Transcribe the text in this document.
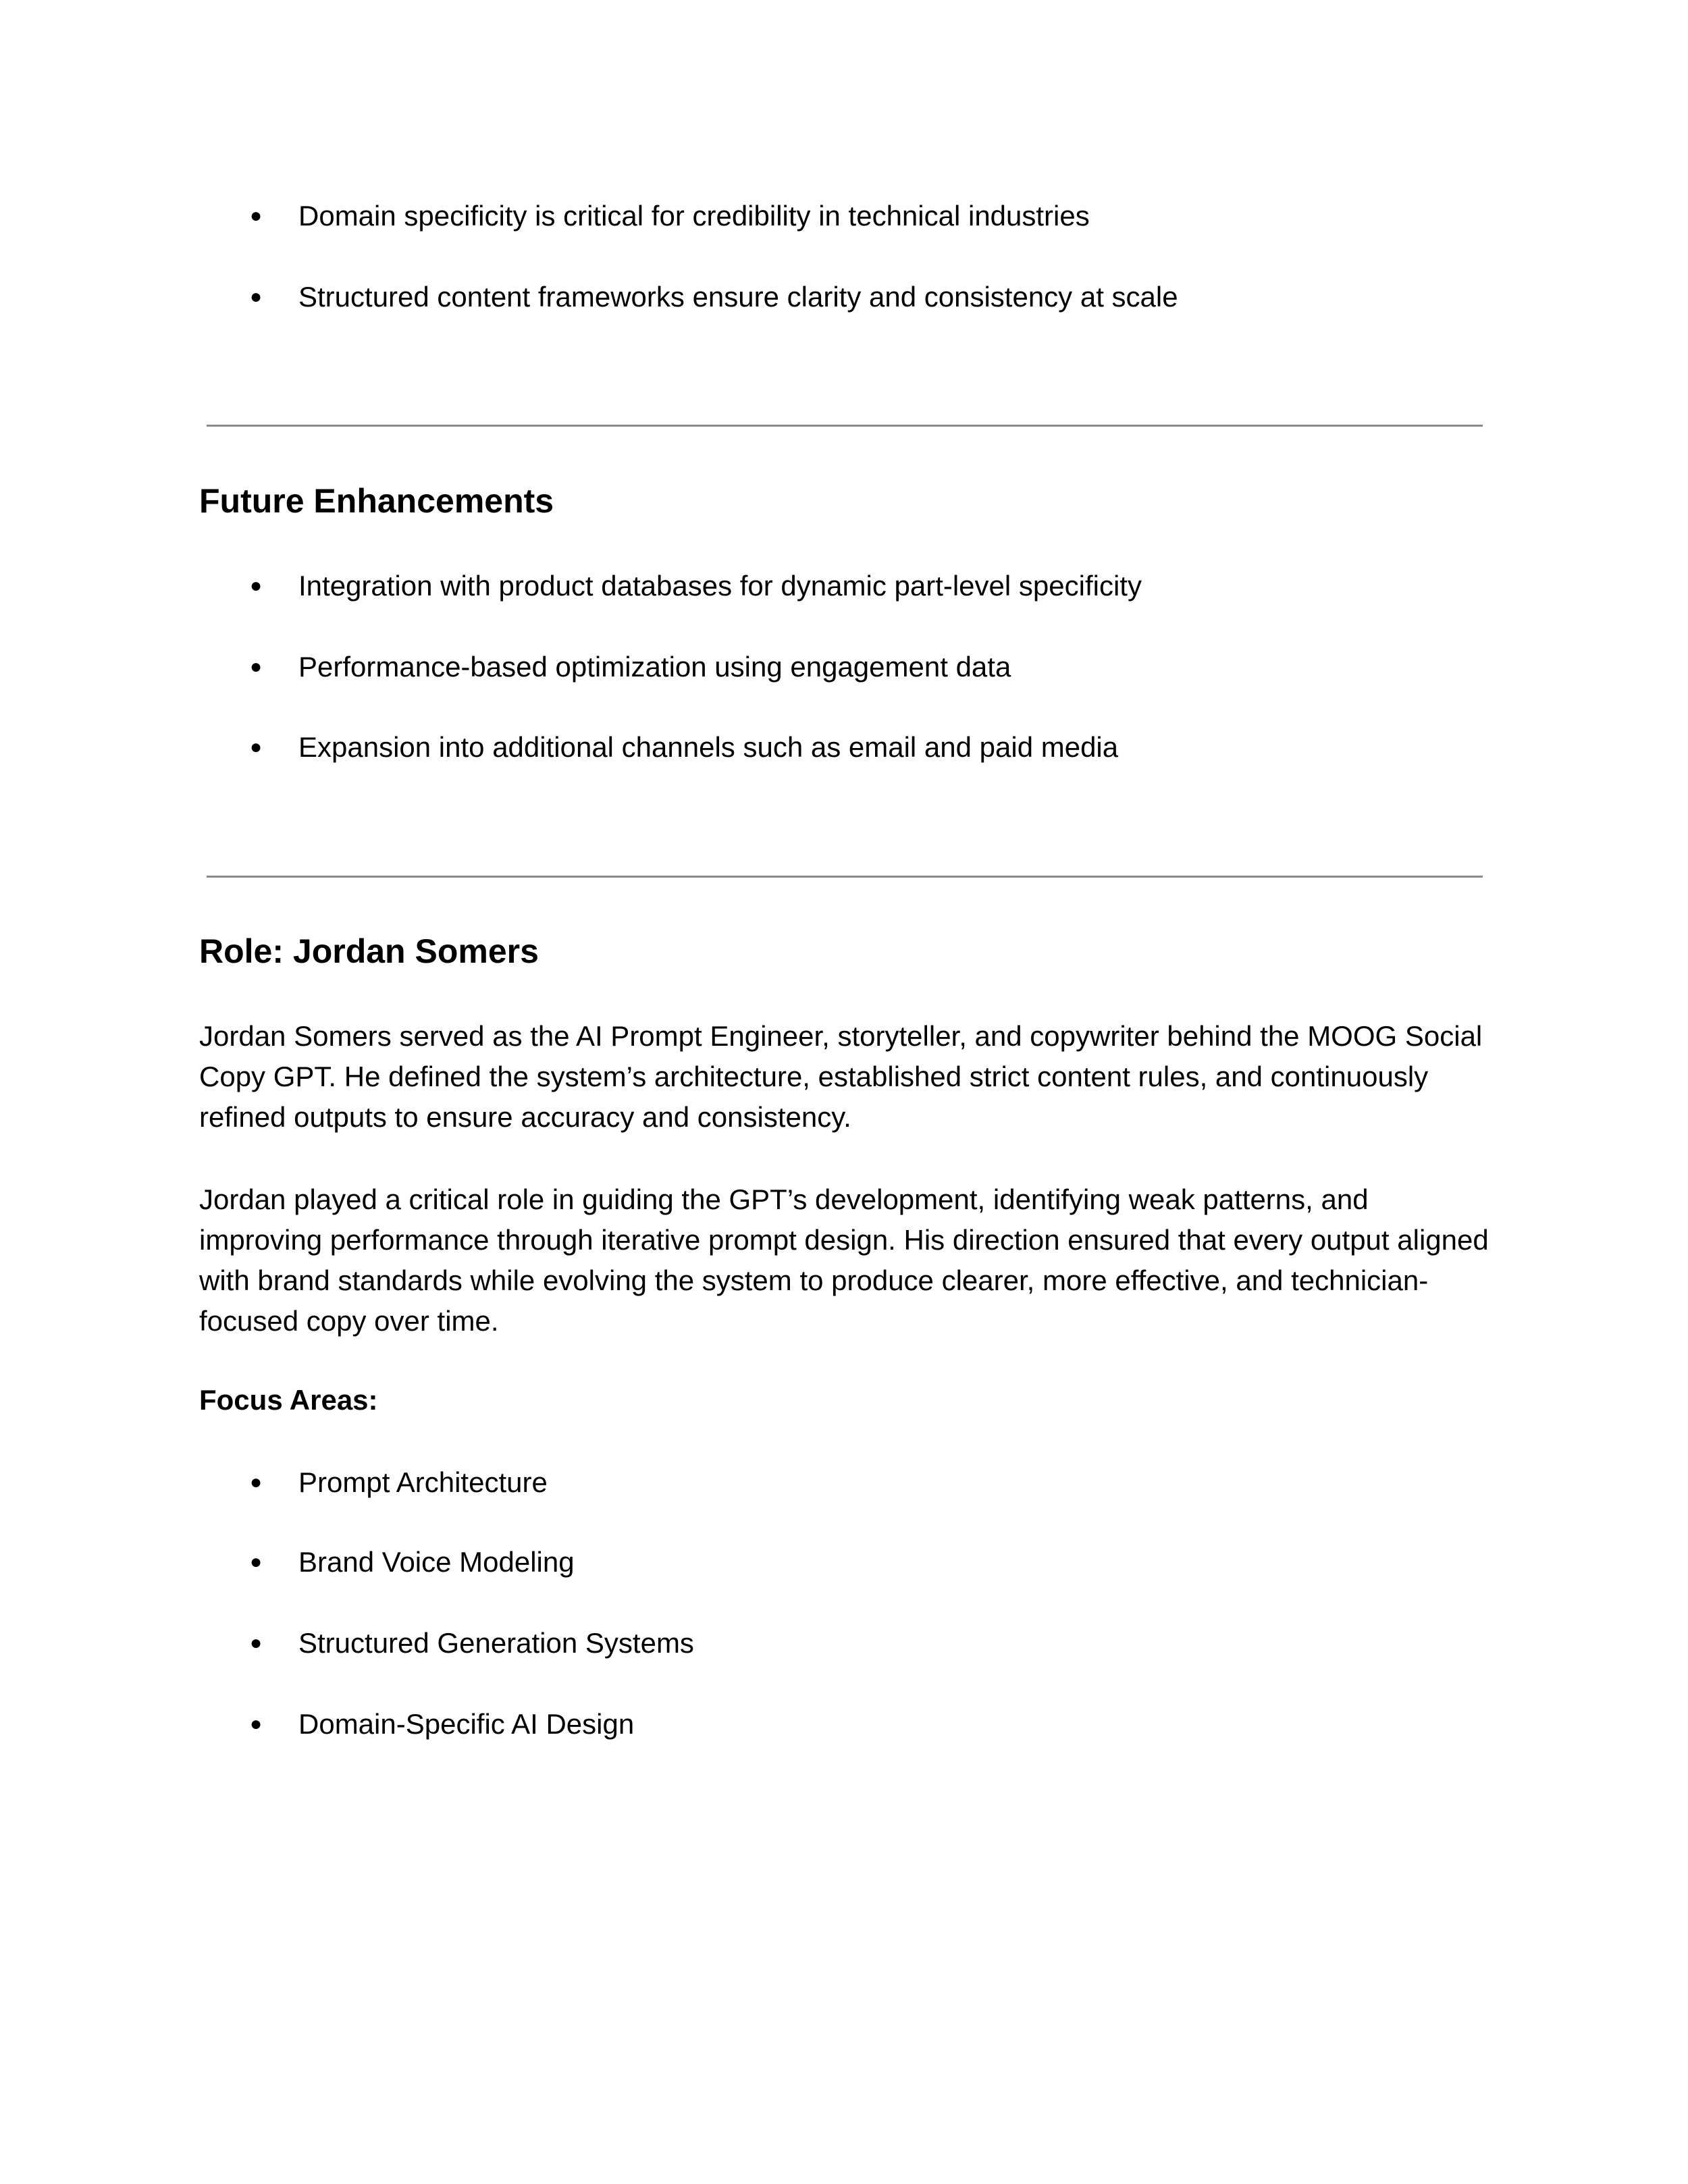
● Domain specificity is critical for credibility in technical industries
● Structured content frameworks ensure clarity and consistency at scale
Future Enhancements
● Integration with product databases for dynamic part-level specificity
● Performance-based optimization using engagement data
● Expansion into additional channels such as email and paid media
Role: Jordan Somers
Jordan Somers served as the AI Prompt Engineer, storyteller, and copywriter behind the MOOG Social Copy GPT. He defined the system’s architecture, established strict content rules, and continuously refined outputs to ensure accuracy and consistency.
Jordan played a critical role in guiding the GPT’s development, identifying weak patterns, and improving performance through iterative prompt design. His direction ensured that every output aligned with brand standards while evolving the system to produce clearer, more effective, and technician-focused copy over time.
Focus Areas:
● Prompt Architecture
● Brand Voice Modeling
● Structured Generation Systems
● Domain-Specific AI Design
